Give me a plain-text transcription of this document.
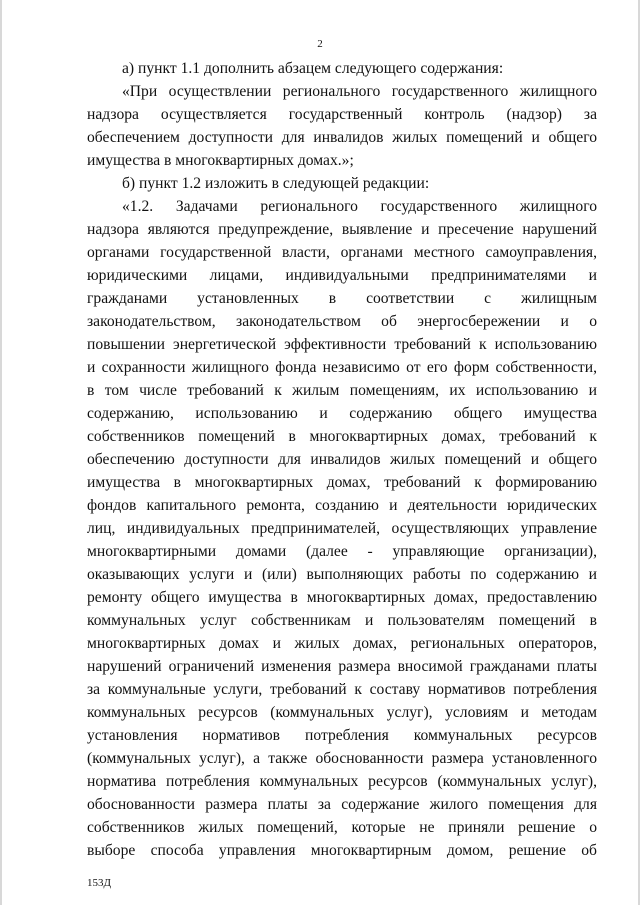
2
а) пункт 1.1 дополнить абзацем следующего содержания:
«При осуществлении регионального государственного жилищного
надзора осуществляется государственный контроль (надзор) за
обеспечением доступности для инвалидов жилых помещений и общего
имущества в многоквартирных домах.»;
б) пункт 1.2 изложить в следующей редакции:
«1.2. Задачами регионального государственного жилищного
надзора являются предупреждение, выявление и пресечение нарушений
органами государственной власти, органами местного самоуправления,
юридическими лицами, индивидуальными предпринимателями и
гражданами установленных в соответствии с жилищным
законодательством, законодательством об энергосбережении и о
повышении энергетической эффективности требований к использованию
и сохранности жилищного фонда независимо от его форм собственности,
в том числе требований к жилым помещениям, их использованию и
содержанию, использованию и содержанию общего имущества
собственников помещений в многоквартирных домах, требований к
обеспечению доступности для инвалидов жилых помещений и общего
имущества в многоквартирных домах, требований к формированию
фондов капитального ремонта, созданию и деятельности юридических
лиц, индивидуальных предпринимателей, осуществляющих управление
многоквартирными домами (далее - управляющие организации),
оказывающих услуги и (или) выполняющих работы по содержанию и
ремонту общего имущества в многоквартирных домах, предоставлению
коммунальных услуг собственникам и пользователям помещений в
многоквартирных домах и жилых домах, региональных операторов,
нарушений ограничений изменения размера вносимой гражданами платы
за коммунальные услуги, требований к составу нормативов потребления
коммунальных ресурсов (коммунальных услуг), условиям и методам
установления нормативов потребления коммунальных ресурсов
(коммунальных услуг), а также обоснованности размера установленного
норматива потребления коммунальных ресурсов (коммунальных услуг),
обоснованности размера платы за содержание жилого помещения для
собственников жилых помещений, которые не приняли решение о
выборе способа управления многоквартирным домом, решение об
153Д
